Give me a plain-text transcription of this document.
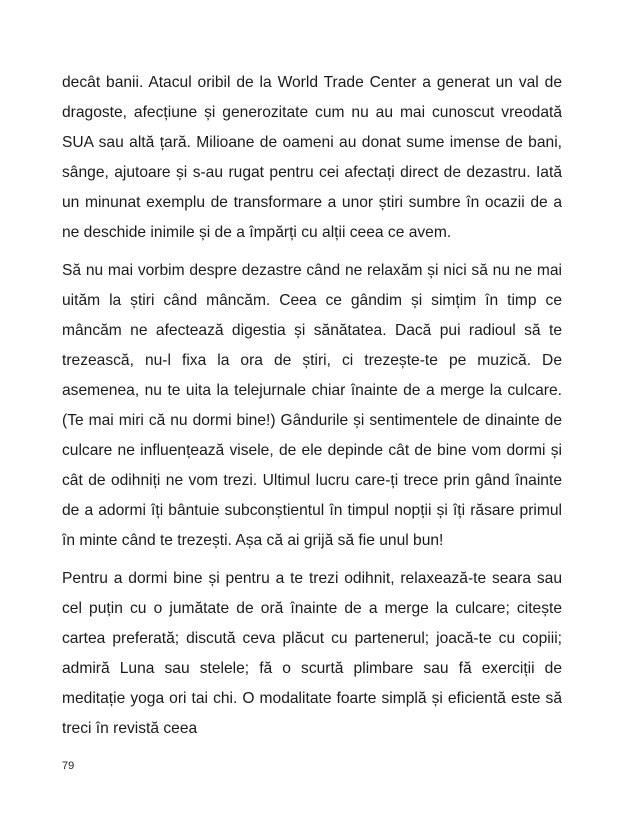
decât banii. Atacul oribil de la World Trade Center a generat un val de dragoste, afecțiune și generozitate cum nu au mai cunoscut vreodată SUA sau altă țară. Milioane de oameni au donat sume imense de bani, sânge, ajutoare și s-au rugat pentru cei afectați direct de dezastru. Iată un minunat exemplu de transformare a unor știri sumbre în ocazii de a ne deschide inimile și de a împărți cu alții ceea ce avem.

Să nu mai vorbim despre dezastre când ne relaxăm și nici să nu ne mai uităm la știri când mâncăm. Ceea ce gândim și simțim în timp ce mâncăm ne afectează digestia și sănătatea. Dacă pui radioul să te trezească, nu-l fixa la ora de știri, ci trezește-te pe muzică. De asemenea, nu te uita la telejurnale chiar înainte de a merge la culcare. (Te mai miri că nu dormi bine!) Gândurile și sentimentele de dinainte de culcare ne influențează visele, de ele depinde cât de bine vom dormi și cât de odihniți ne vom trezi. Ultimul lucru care-ți trece prin gând înainte de a adormi îți bântuie subconștientul în timpul nopții și îți răsare primul în minte când te trezești. Așa că ai grijă să fie unul bun!

Pentru a dormi bine și pentru a te trezi odihnit, relaxează-te seara sau cel puțin cu o jumătate de oră înainte de a merge la culcare; citește cartea preferată; discută ceva plăcut cu partenerul; joacă-te cu copiii; admiră Luna sau stelele; fă o scurtă plimbare sau fă exerciții de meditație yoga ori tai chi. O modalitate foarte simplă și eficientă este să treci în revistă ceea

79
